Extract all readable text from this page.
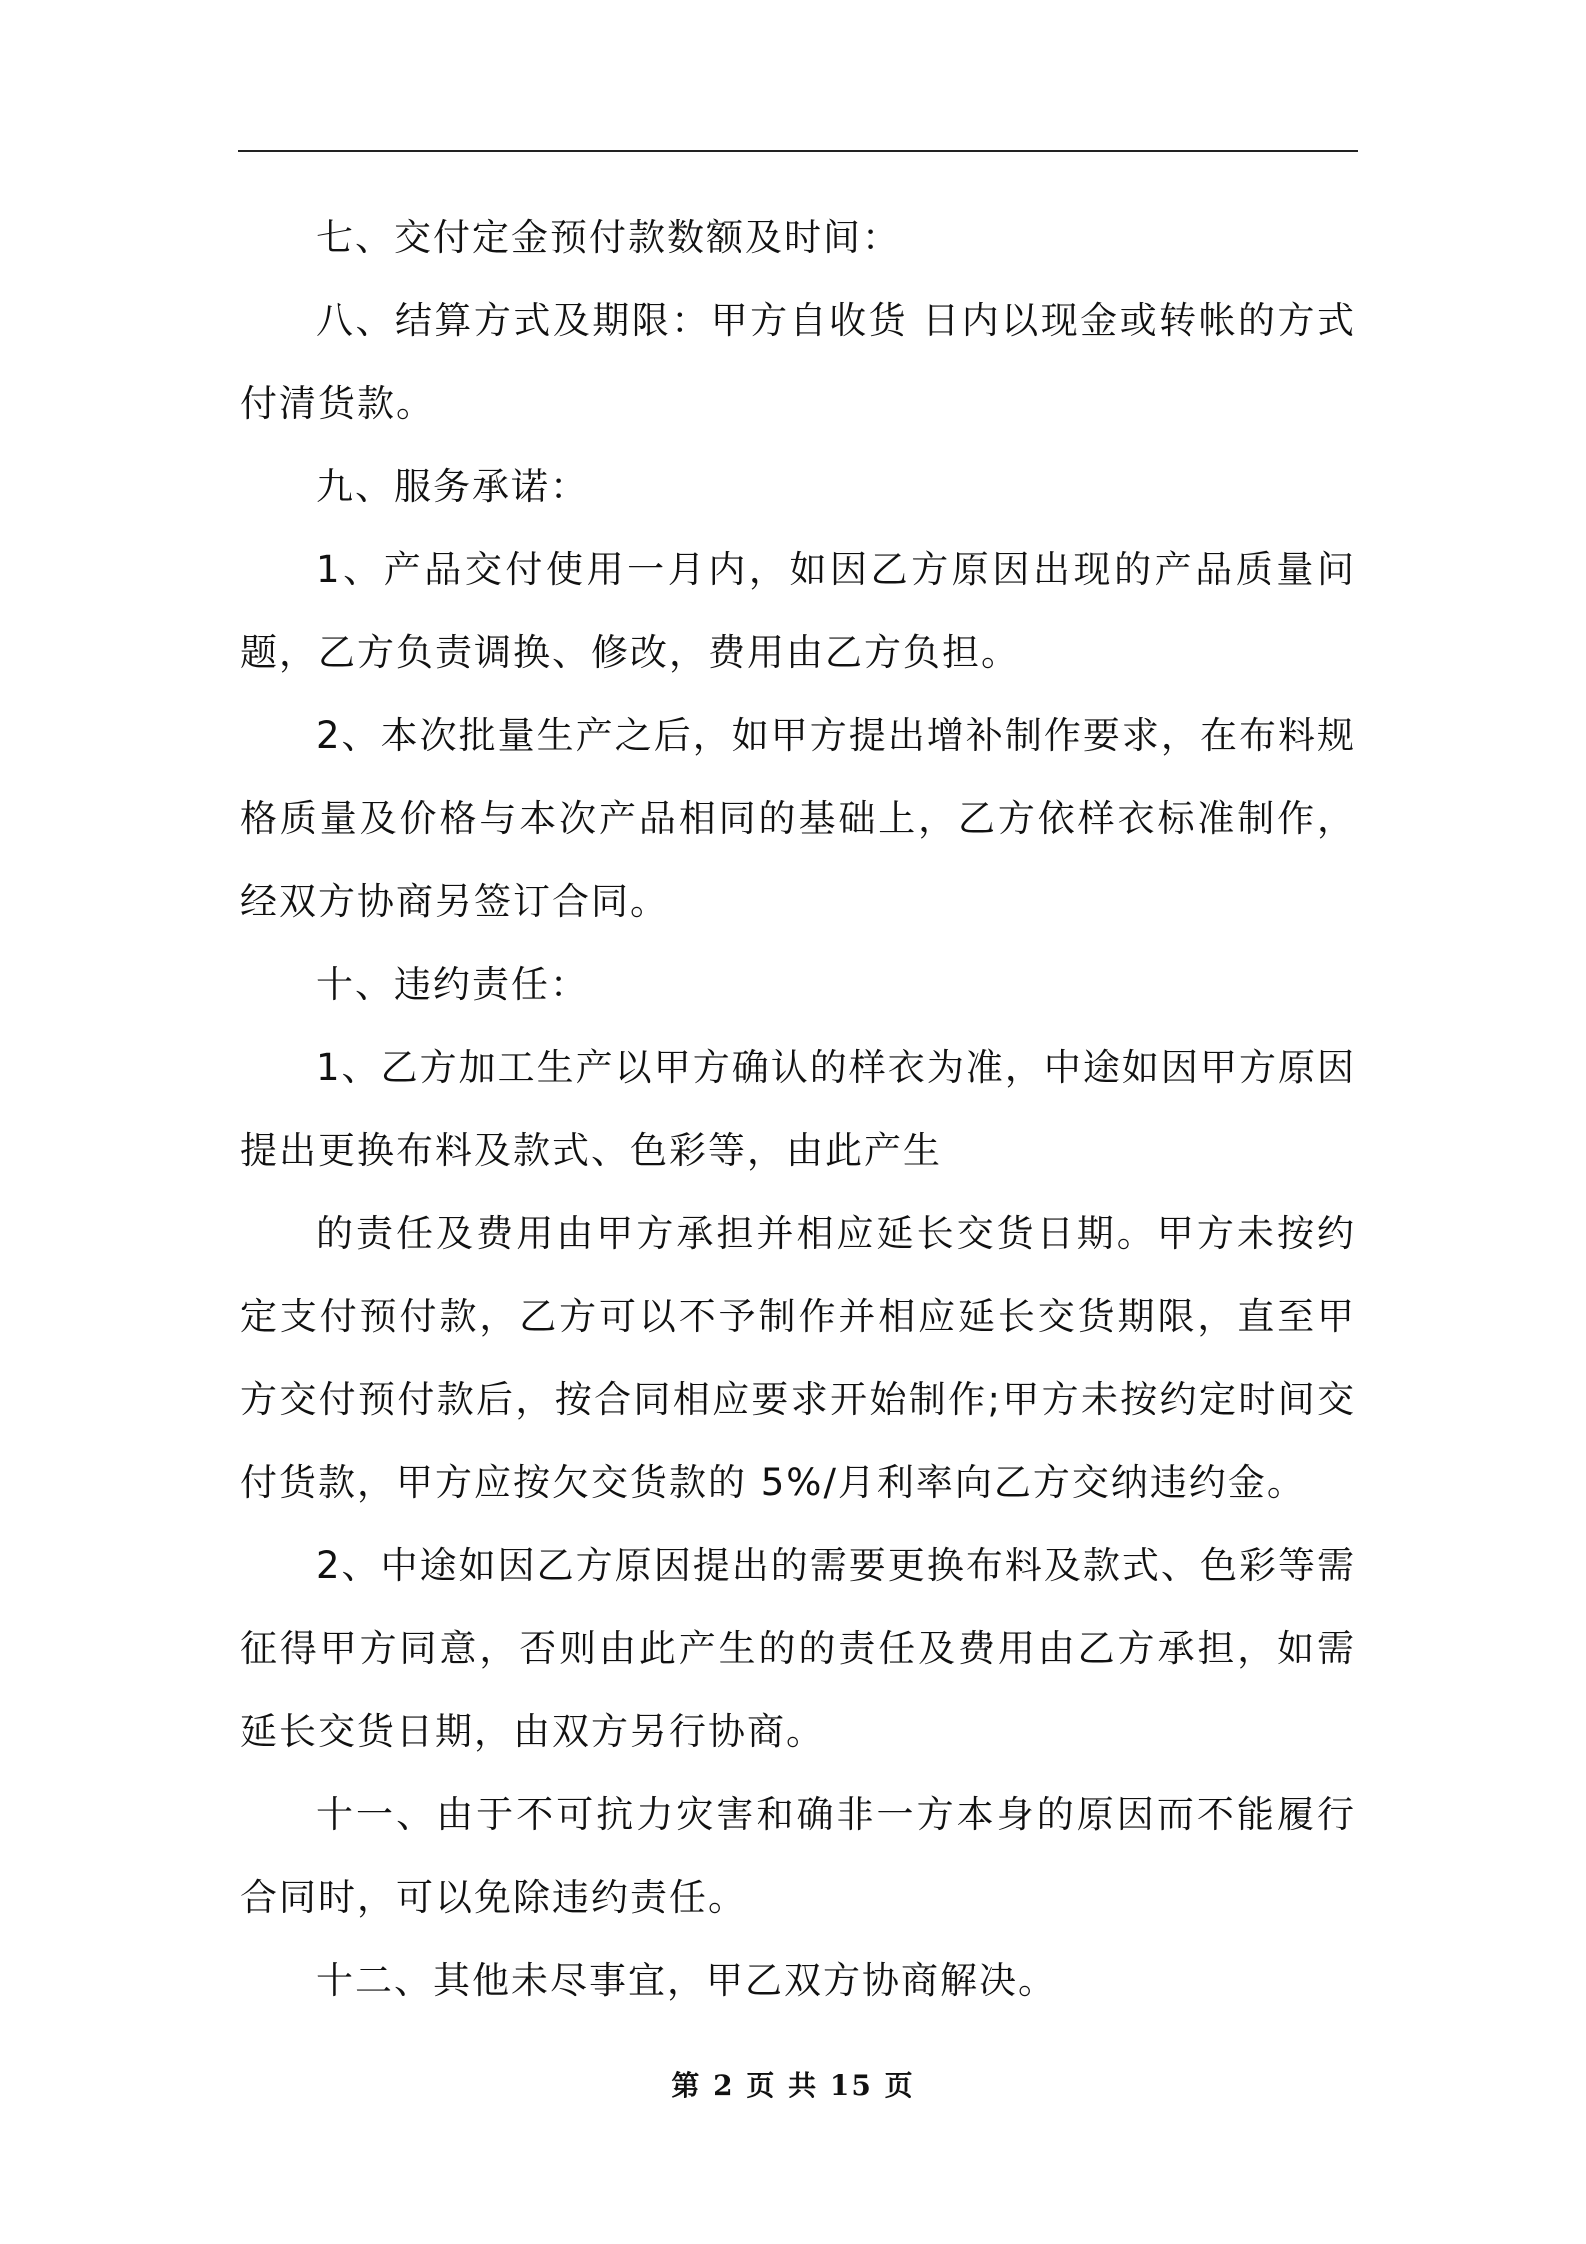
七、交付定金预付款数额及时间：

八、结算方式及期限：甲方自收货 日内以现金或转帐的方式付清货款。

九、服务承诺：

1、产品交付使用一月内，如因乙方原因出现的产品质量问题，乙方负责调换、修改，费用由乙方负担。

2、本次批量生产之后，如甲方提出增补制作要求，在布料规格质量及价格与本次产品相同的基础上，乙方依样衣标准制作，经双方协商另签订合同。

十、违约责任：

1、乙方加工生产以甲方确认的样衣为准，中途如因甲方原因提出更换布料及款式、色彩等，由此产生

的责任及费用由甲方承担并相应延长交货日期。甲方未按约定支付预付款，乙方可以不予制作并相应延长交货期限，直至甲方交付预付款后，按合同相应要求开始制作;甲方未按约定时间交付货款，甲方应按欠交货款的 5%/月利率向乙方交纳违约金。

2、中途如因乙方原因提出的需要更换布料及款式、色彩等需征得甲方同意，否则由此产生的的责任及费用由乙方承担，如需延长交货日期，由双方另行协商。

十一、由于不可抗力灾害和确非一方本身的原因而不能履行合同时，可以免除违约责任。

十二、其他未尽事宜，甲乙双方协商解决。

第 2 页 共 15 页
